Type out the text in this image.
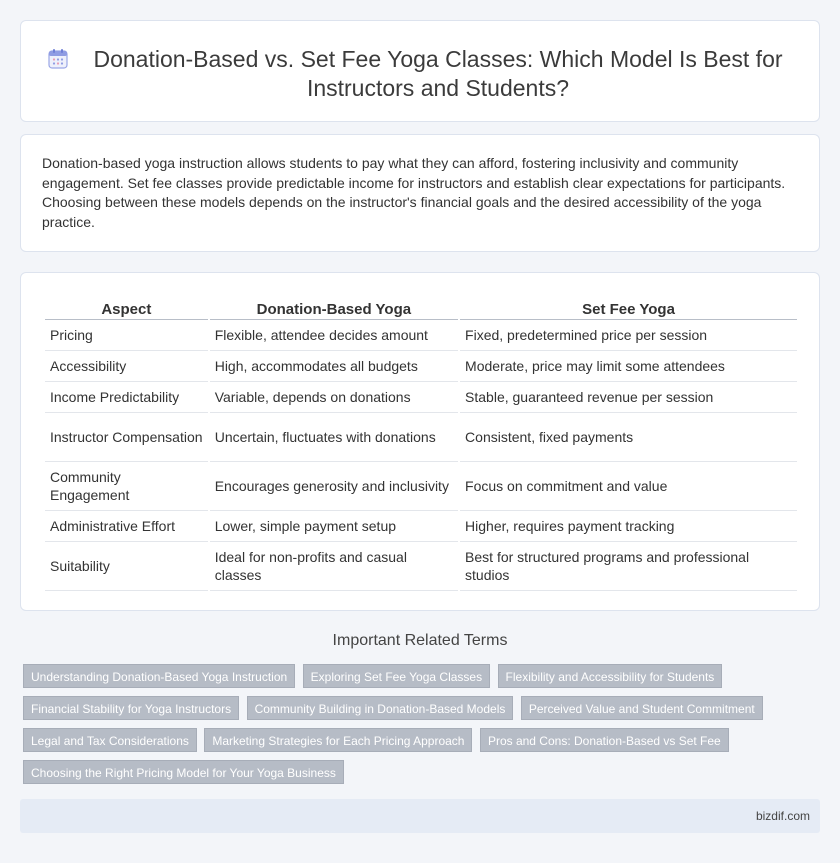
Donation-Based vs. Set Fee Yoga Classes: Which Model Is Best for Instructors and Students?

Donation-based yoga instruction allows students to pay what they can afford, fostering inclusivity and community engagement. Set fee classes provide predictable income for instructors and establish clear expectations for participants. Choosing between these models depends on the instructor's financial goals and the desired accessibility of the yoga practice.

Aspect	Donation-Based Yoga	Set Fee Yoga
Pricing	Flexible, attendee decides amount	Fixed, predetermined price per session
Accessibility	High, accommodates all budgets	Moderate, price may limit some attendees
Income Predictability	Variable, depends on donations	Stable, guaranteed revenue per session
Instructor Compensation	Uncertain, fluctuates with donations	Consistent, fixed payments
Community Engagement	Encourages generosity and inclusivity	Focus on commitment and value
Administrative Effort	Lower, simple payment setup	Higher, requires payment tracking
Suitability	Ideal for non-profits and casual classes	Best for structured programs and professional studios
Important Related Terms
Understanding Donation-Based Yoga Instruction Exploring Set Fee Yoga Classes Flexibility and Accessibility for Students Financial Stability for Yoga Instructors Community Building in Donation-Based Models Perceived Value and Student Commitment Legal and Tax Considerations Marketing Strategies for Each Pricing Approach Pros and Cons: Donation-Based vs Set Fee Choosing the Right Pricing Model for Your Yoga Business
bizdif.com
